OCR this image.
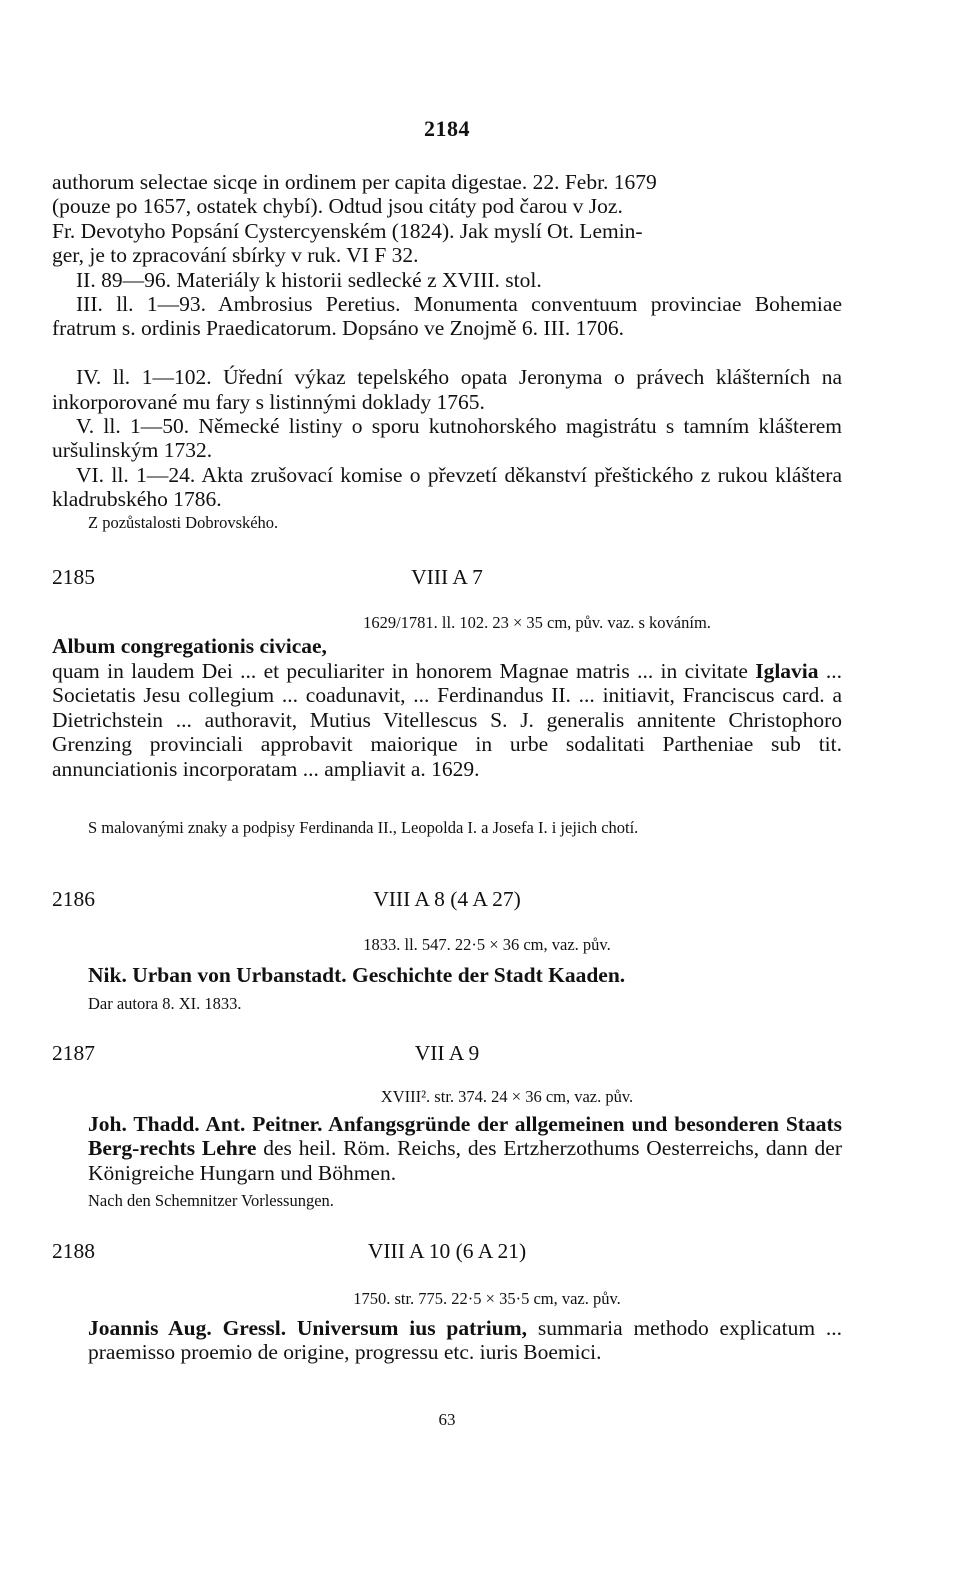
2184

authorum selectae sicqe in ordinem per capita digestae. 22. Febr. 1679

(pouze po 1657, ostatek chybí). Odtud jsou citáty pod čarou v Joz.

Fr. Devotyho Popsání Cystercyenském (1824). Jak myslí Ot. Lemin-

ger, je to zpracování sbírky v ruk. VI F 32.

II. 89—96. Materiály k historii sedlecké z XVIII. stol.

III. ll. 1—93. Ambrosius Peretius. Monumenta conventuum provinciae Bohemiae fratrum s. ordinis Praedicatorum. Dopsáno ve Znojmě 6. III. 1706.

IV. ll. 1—102. Úřední výkaz tepelského opata Jeronyma o právech klášterních na inkorporované mu fary s listinnými doklady 1765.

V. ll. 1—50. Německé listiny o sporu kutnohorského magistrátu s tamním klášterem uršulinským 1732.

VI. ll. 1—24. Akta zrušovací komise o převzetí děkanství přeštického z rukou kláštera kladrubského 1786.

Z pozůstalosti Dobrovského.

2185	VIII A 7
1629/1781. ll. 102. 23 × 35 cm, pův. vaz. s kováním.

Album congregationis civicae,

quam in laudem Dei ... et peculiariter in honorem Magnae matris ... in civitate Iglavia ... Societatis Jesu collegium ... coadunavit, ... Ferdinandus II. ... initiavit, Franciscus card. a Dietrichstein ... authoravit, Mutius Vitellescus S. J. generalis annitente Christophoro Grenzing provinciali approbavit maiorique in urbe sodalitati Partheniae sub tit. annunciationis incorporatam ... ampliavit a. 1629.

S malovanými znaky a podpisy Ferdinanda II., Leopolda I. a Josefa I. i jejich chotí.

2186	VIII A 8 (4 A 27)
1833. ll. 547. 22·5 × 36 cm, vaz. pův.

Nik. Urban von Urbanstadt. Geschichte der Stadt Kaaden.

Dar autora 8. XI. 1833.

2187	VII A 9
XVIII². str. 374. 24 × 36 cm, vaz. pův.

Joh. Thadd. Ant. Peitner. Anfangsgründe der allgemeinen und besonderen Staats Berg-rechts Lehre des heil. Röm. Reichs, des Ertzherzothums Oesterreichs, dann der Königreiche Hungarn und Böhmen.

Nach den Schemnitzer Vorlessungen.

2188	VIII A 10 (6 A 21)
1750. str. 775. 22·5 × 35·5 cm, vaz. pův.

Joannis Aug. Gressl. Universum ius patrium, summaria methodo explicatum ... praemisso proemio de origine, progressu etc. iuris Boemici.

63
